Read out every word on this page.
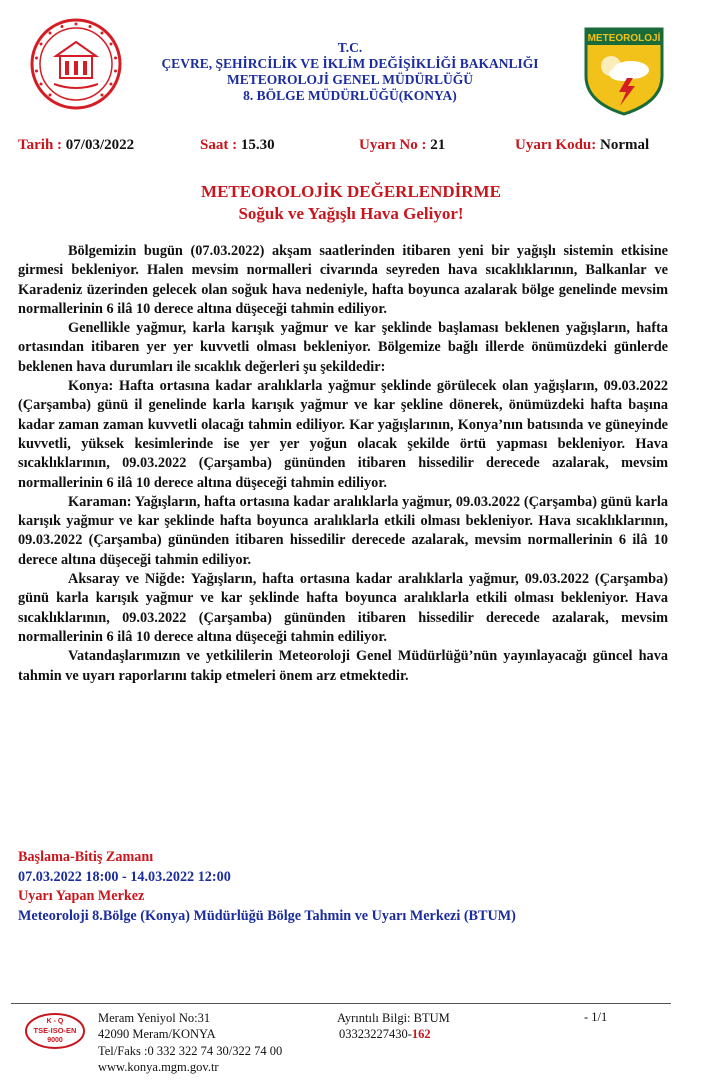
T.C.
ÇEVRE, ŞEHİRCİLİK VE İKLİM DEĞİŞİKLİĞİ BAKANLIĞI
METEOROLOJİ GENEL MÜDÜRLÜĞÜ
8. BÖLGE MÜDÜRLÜĞÜ(KONYA)
METEOROLOJİ
Tarih : 07/03/2022	Saat : 15.30	Uyarı No : 21	Uyarı Kodu: Normal
METEOROLOJİK DEĞERLENDİRME
Soğuk ve Yağışlı Hava Geliyor!

Bölgemizin bugün (07.03.2022) akşam saatlerinden itibaren yeni bir yağışlı sistemin etkisine girmesi bekleniyor. Halen mevsim normalleri civarında seyreden hava sıcaklıklarının, Balkanlar ve Karadeniz üzerinden gelecek olan soğuk hava nedeniyle, hafta boyunca azalarak bölge genelinde mevsim normallerinin 6 ilâ 10 derece altına düşeceği tahmin ediliyor.

Genellikle yağmur, karla karışık yağmur ve kar şeklinde başlaması beklenen yağışların, hafta ortasından itibaren yer yer kuvvetli olması bekleniyor. Bölgemize bağlı illerde önümüzdeki günlerde beklenen hava durumları ile sıcaklık değerleri şu şekildedir:

Konya: Hafta ortasına kadar aralıklarla yağmur şeklinde görülecek olan yağışların, 09.03.2022 (Çarşamba) günü il genelinde karla karışık yağmur ve kar şekline dönerek, önümüzdeki hafta başına kadar zaman zaman kuvvetli olacağı tahmin ediliyor. Kar yağışlarının, Konya’nın batısında ve güneyinde kuvvetli, yüksek kesimlerinde ise yer yer yoğun olacak şekilde örtü yapması bekleniyor. Hava sıcaklıklarının, 09.03.2022 (Çarşamba) gününden itibaren hissedilir derecede azalarak, mevsim normallerinin 6 ilâ 10 derece altına düşeceği tahmin ediliyor.

Karaman: Yağışların, hafta ortasına kadar aralıklarla yağmur, 09.03.2022 (Çarşamba) günü karla karışık yağmur ve kar şeklinde hafta boyunca aralıklarla etkili olması bekleniyor. Hava sıcaklıklarının, 09.03.2022 (Çarşamba) gününden itibaren hissedilir derecede azalarak, mevsim normallerinin 6 ilâ 10 derece altına düşeceği tahmin ediliyor.

Aksaray ve Niğde: Yağışların, hafta ortasına kadar aralıklarla yağmur, 09.03.2022 (Çarşamba) günü karla karışık yağmur ve kar şeklinde hafta boyunca aralıklarla etkili olması bekleniyor. Hava sıcaklıklarının, 09.03.2022 (Çarşamba) gününden itibaren hissedilir derecede azalarak, mevsim normallerinin 6 ilâ 10 derece altına düşeceği tahmin ediliyor.

Vatandaşlarımızın ve yetkililerin Meteoroloji Genel Müdürlüğü’nün yayınlayacağı güncel hava tahmin ve uyarı raporlarını takip etmeleri önem arz etmektedir.

Başlama-Bitiş Zamanı
07.03.2022 18:00 - 14.03.2022 12:00
Uyarı Yapan Merkez
Meteoroloji 8.Bölge (Konya) Müdürlüğü Bölge Tahmin ve Uyarı Merkezi (BTUM)
K - Q
TSE-ISO-EN
9000
Meram Yeniyol No:31
42090 Meram/KONYA
Tel/Faks :0 332 322 74 30/322 74 00
www.konya.mgm.gov.tr
Ayrıntılı Bilgi: BTUM
03323227430-162
- 1/1
